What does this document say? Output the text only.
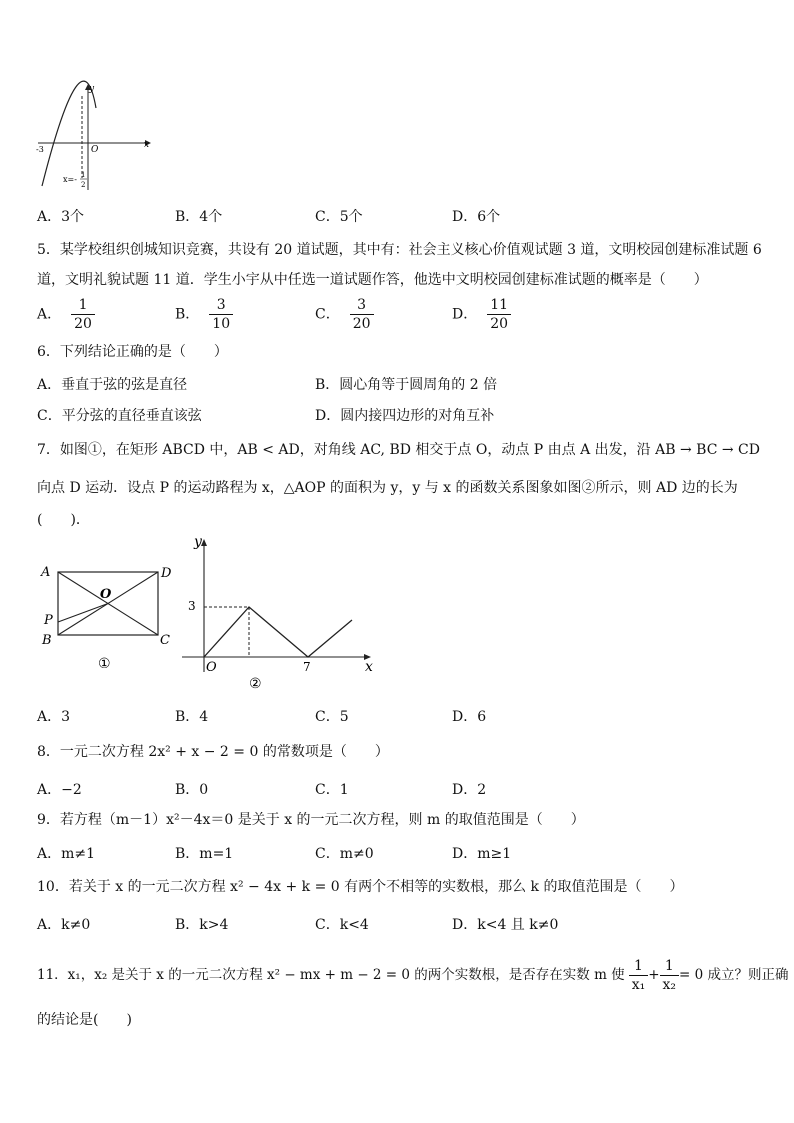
y
x
O
-3
x=- 1
2
A．3个	B．4个	C．5个	D．6个
5．某学校组织创城知识竞赛，共设有 20 道试题，其中有：社会主义核心价值观试题 3 道，文明校园创建标准试题 6
道，文明礼貌试题 11 道．学生小宇从中任选一道试题作答，他选中文明校园创建标准试题的概率是（　　）
A． $\frac{1}{20}$	B． $\frac{3}{10}$	C． $\frac{3}{20}$	D． $\frac{11}{20}$
6．下列结论正确的是（　　）
A．垂直于弦的弦是直径	B．圆心角等于圆周角的 2 倍
C．平分弦的直径垂直该弦	D．圆内接四边形的对角互补
7．如图①，在矩形 ABCD 中，AB < AD，对角线 AC, BD 相交于点 O，动点 P 由点 A 出发，沿 AB → BC → CD
向点 D 运动．设点 P 的运动路程为 x，△AOP 的面积为 y，y 与 x 的函数关系图象如图②所示，则 AD 边的长为
(　　)．
A	D
O
P
B	C
①
y
x
O
3
7
②
A．3	B．4	C．5	D．6
8．一元二次方程 2x² + x − 2 = 0 的常数项是（　　）
A．−2	B．0	C．1	D．2
9．若方程（m－1）x²－4x＝0 是关于 x 的一元二次方程，则 m 的取值范围是（　　）
A．m≠1	B．m=1	C．m≠0	D．m≥1
10．若关于 x 的一元二次方程 x² − 4x + k = 0 有两个不相等的实数根，那么 k 的取值范围是（　　）
A．k≠0	B．k>4	C．k<4	D．k<4 且 k≠0
11．x₁，x₂ 是关于 x 的一元二次方程 x² − mx + m − 2 = 0 的两个实数根，是否存在实数 m 使 $\frac{1}{\text{x₁}} + \frac{1}{\text{x₂}} = 0$ 成立？则正确
的结论是(　　)
